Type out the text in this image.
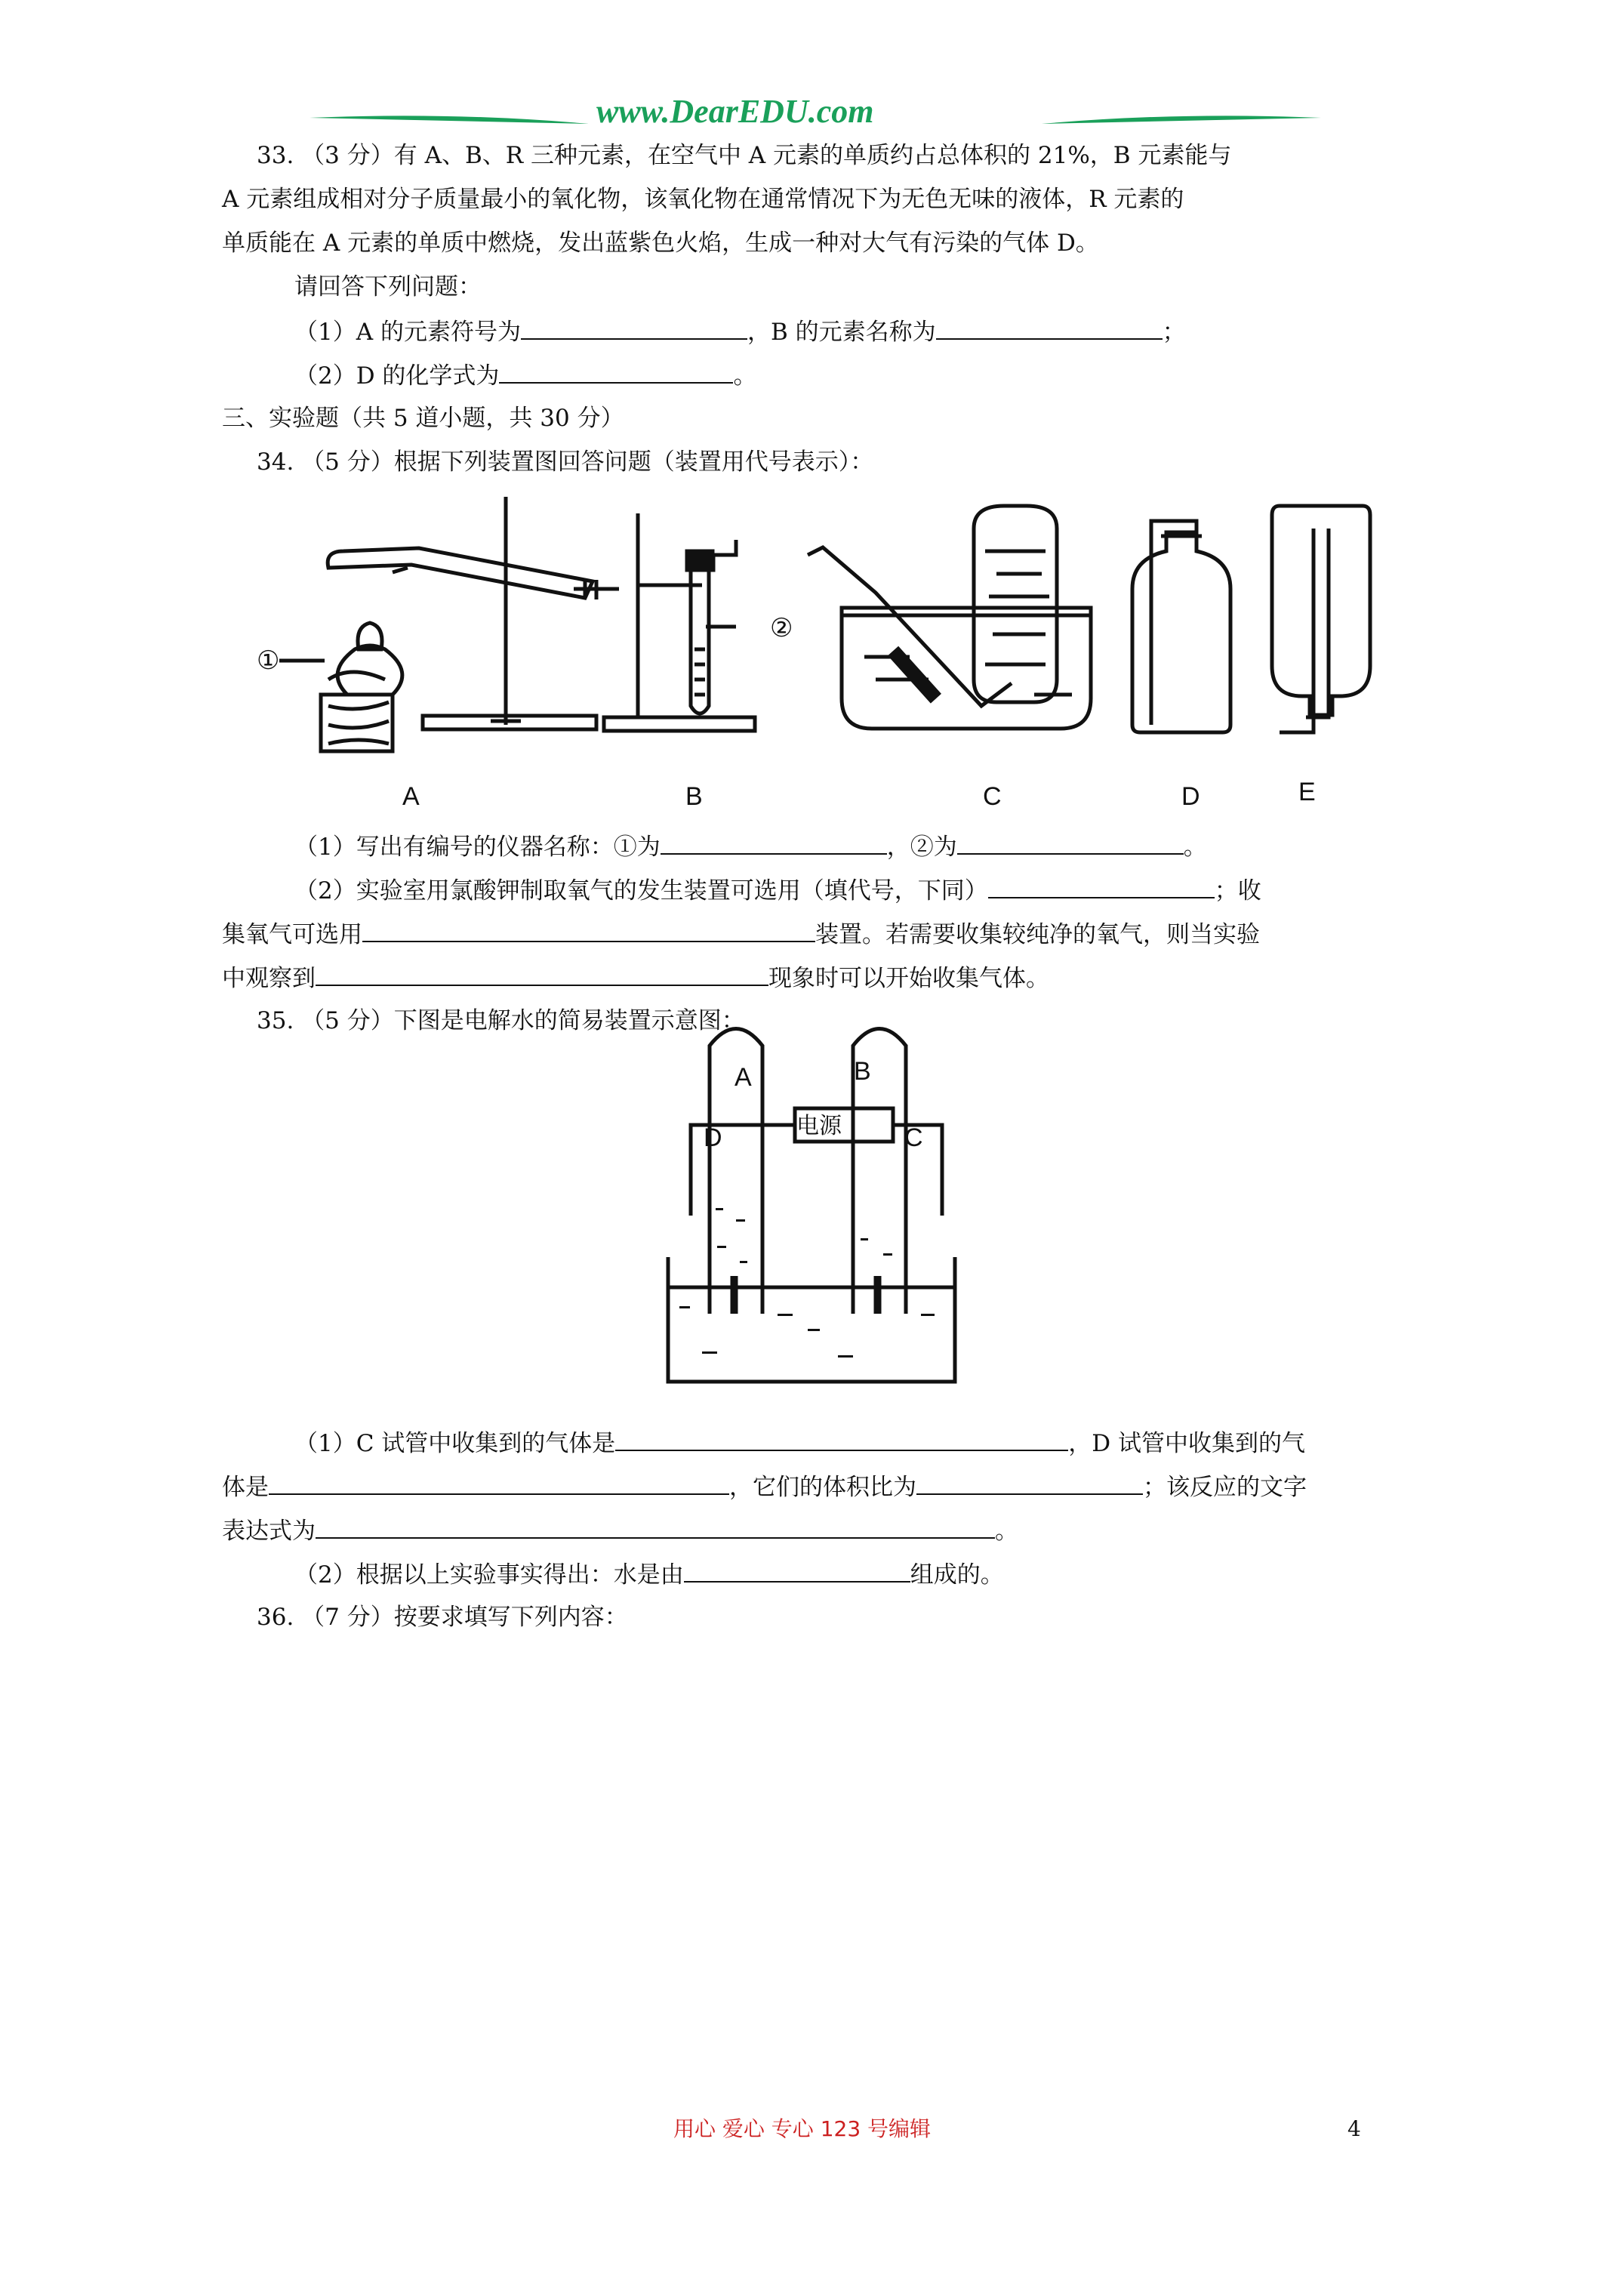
www.DearEDU.com
33. （3 分）有 A、B、R 三种元素，在空气中 A 元素的单质约占总体积的 21%，B 元素能与
A 元素组成相对分子质量最小的氧化物，该氧化物在通常情况下为无色无味的液体，R 元素的
单质能在 A 元素的单质中燃烧，发出蓝紫色火焰，生成一种对大气有污染的气体 D。
请回答下列问题：
（1）A 的元素符号为	，B 的元素名称为	；
（2）D 的化学式为	。
三、实验题（共 5 道小题，共 30 分）
34. （5 分）根据下列装置图回答问题（装置用代号表示）：
①
②
A	B	C	D	E
（1）写出有编号的仪器名称：①为	，②为	。
（2）实验室用氯酸钾制取氧气的发生装置可选用（填代号，下同）	；收
集氧气可选用	装置。若需要收集较纯净的氧气，则当实验
中观察到	现象时可以开始收集气体。
35. （5 分）下图是电解水的简易装置示意图：
A	B
电源
D	C
（1）C 试管中收集到的气体是	，D 试管中收集到的气
体是	，它们的体积比为	；该反应的文字
表达式为	。
（2）根据以上实验事实得出：水是由	组成的。
36. （7 分）按要求填写下列内容：
用心 爱心 专心 123 号编辑	4
